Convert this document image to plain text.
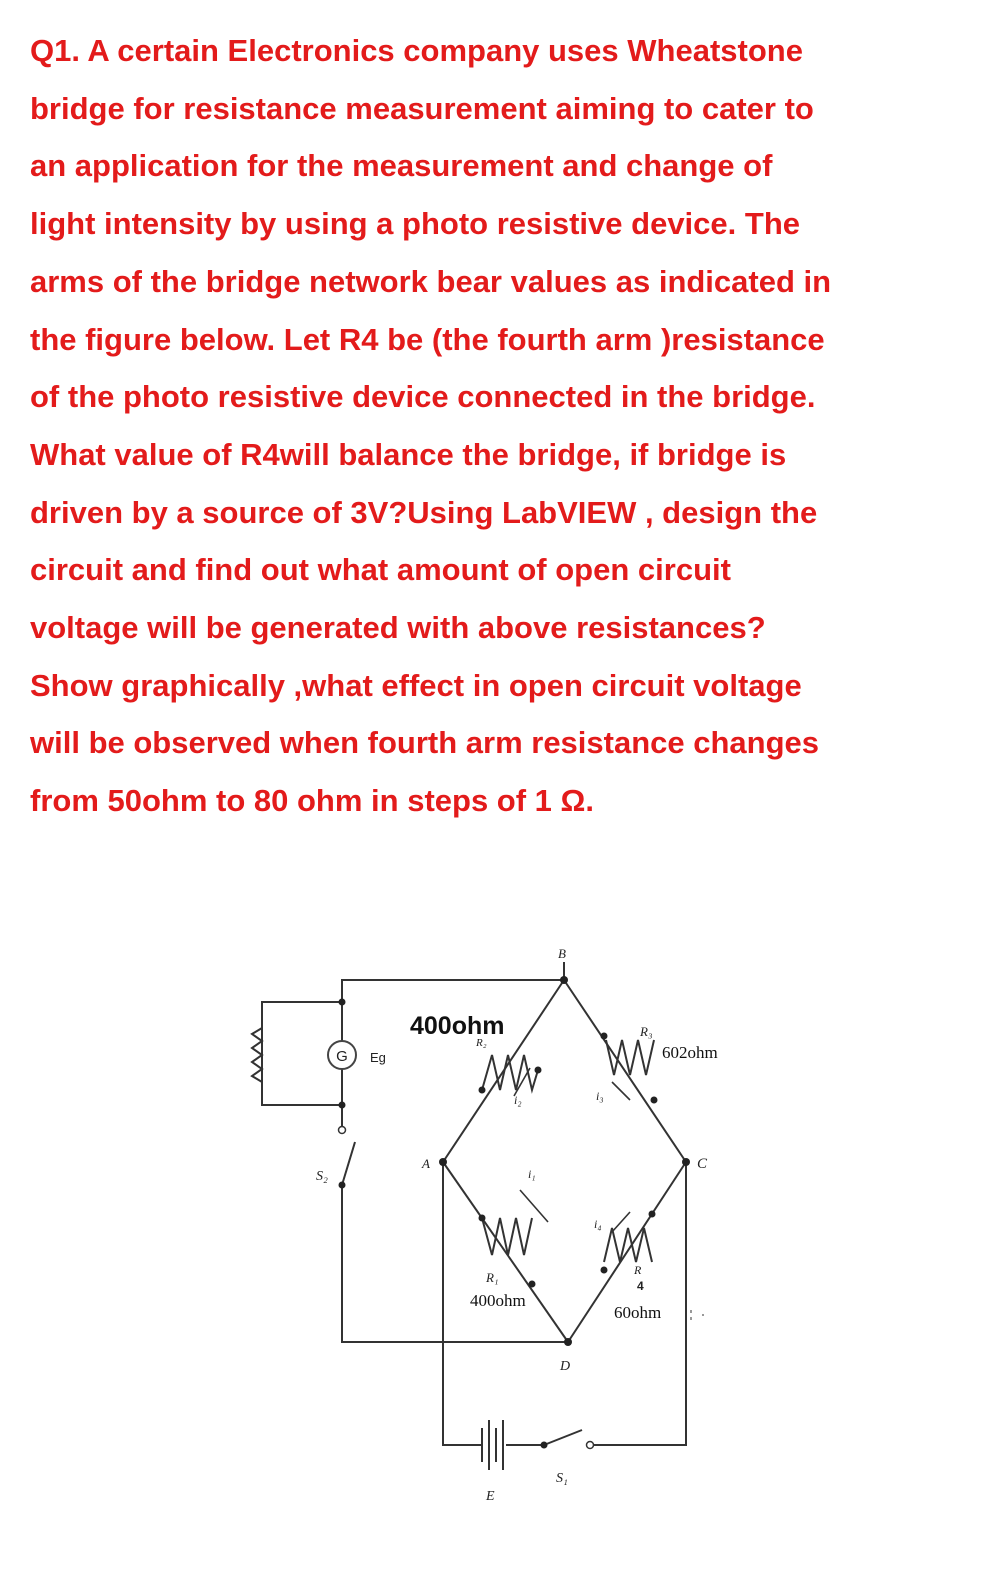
Q1. A certain Electronics company uses Wheatstone
bridge for resistance measurement aiming to cater to
an application for the measurement and change of
light intensity by using a photo resistive device. The
arms of the bridge network bear values as indicated in
the figure below. Let R4 be (the fourth arm )resistance
of the photo resistive device connected in the bridge.
What value of R4will balance the bridge, if bridge is
driven by a source of 3V?Using LabVIEW , design the
circuit and find out what amount of open circuit
voltage will be generated with above resistances?
Show graphically ,what effect in open circuit voltage
will be observed when fourth arm resistance changes
from 50ohm to 80 ohm in steps of 1 Ω.
G Eg
B
A	C
D
S₂
S₁
E
400ohm
R₂
i₂
R₃
602ohm
i₃
i₁
R₁
400ohm
i₄
R
4
60ohm
